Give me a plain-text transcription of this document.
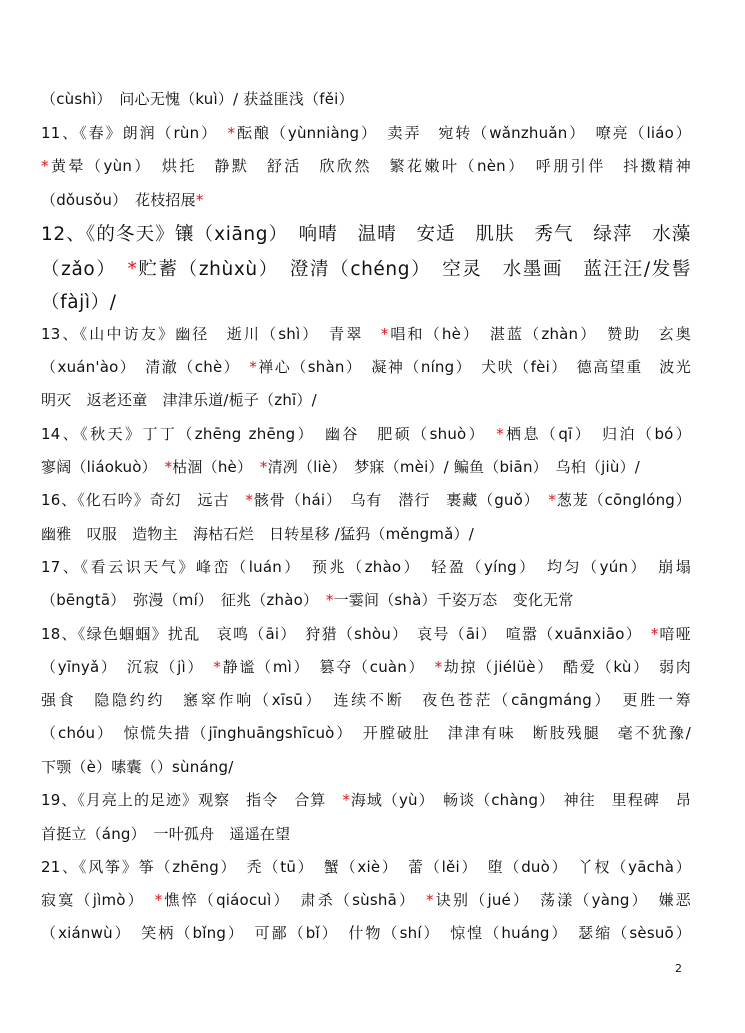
（cùshì）　问心无愧（kuì）/ 获益匪浅（fěi）
11、《春》朗润（rùn）　*酝酿（yùnniàng）　卖弄　宛转（wǎnzhuǎn）　嘹亮（liáo）
*黄晕（yùn）　烘托　静默　舒活　欣欣然　繁花嫩叶（nèn）　呼朋引伴　抖擞精神
（dǒusǒu）　花枝招展*
12、《的冬天》镶（xiāng）　响晴　温晴　安适　肌肤　秀气　绿萍　水藻
（zǎo）　*贮蓄（zhùxù）　澄清（chéng）　空灵　水墨画　蓝汪汪/发髻
（fàjì）/
13、《山中访友》幽径　逝川（shì）　青翠　*唱和（hè）　湛蓝（zhàn）　赞助　玄奥
（xuán'ào）　清澈（chè）　*禅心（shàn）　凝神（níng）　犬吠（fèi）　德高望重　波光
明灭　返老还童　津津乐道/栀子（zhī）/
14、《秋天》丁丁（zhēng zhēng）　幽谷　肥硕（shuò）　*栖息（qī）　归泊（bó）
寥阔（liáokuò）　*枯涸（hè）　*清冽（liè）　梦寐（mèi）/ 鳊鱼（biān）　乌桕（jiù）/
16、《化石吟》奇幻　远古　*骸骨（hái）　乌有　潜行　裹藏（guǒ）　*葱茏（cōnglóng）
幽雅　叹服　造物主　海枯石烂　日转星移 /猛犸（měngmǎ）/
17、《看云识天气》峰峦（luán）　预兆（zhào）　轻盈（yíng）　均匀（yún）　崩塌
（bēngtā）　弥漫（mí）　征兆（zhào）　*一霎间（shà）千姿万态　变化无常
18、《绿色蝈蝈》扰乱　哀鸣（āi）　狩猎（shòu）　哀号（āi）　喧嚣（xuānxiāo）　*喑哑
（yīnyǎ）　沉寂（jì）　*静谧（mì）　篡夺（cuàn）　*劫掠（jiélüè）　酷爱（kù）　弱肉
强食　隐隐约约　窸窣作响（xīsū）　连续不断　夜色苍茫（cāngmáng）　更胜一筹
（chóu）　惊慌失措（jīnghuāngshīcuò）　开膛破肚　津津有味　断肢残腿　毫不犹豫/
下颚（è）嗉囊（）sùnáng/
19、《月亮上的足迹》观察　指令　合算　*海域（yù）　畅谈（chàng）　神往　里程碑　昂
首挺立（áng）　一叶孤舟　遥遥在望
21、《风筝》筝（zhēng）　秃（tū）　蟹（xiè）　蕾（lěi）　堕（duò）　丫杈（yāchà）
寂寞（jìmò）　*憔悴（qiáocuì）　肃杀（sùshā）　*诀别（jué）　荡漾（yàng）　嫌恶
（xiánwù）　笑柄（bǐng）　可鄙（bǐ）　什物（shí）　惊惶（huáng）　瑟缩（sèsuō）
2
